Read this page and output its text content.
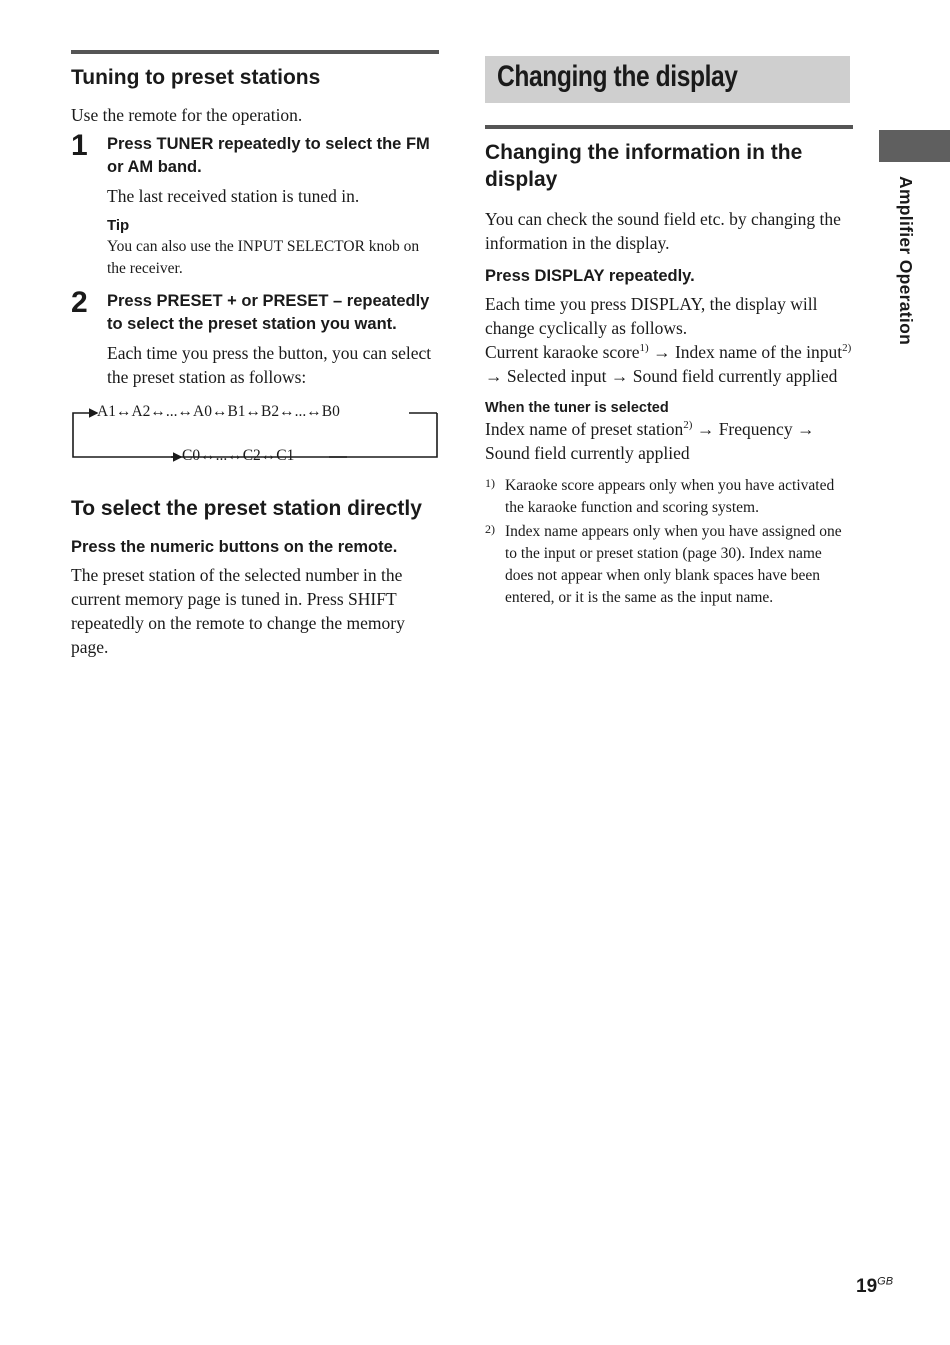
Tuning to preset stations

Use the remote for the operation.

1 Press TUNER repeatedly to select the FM or AM band.

The last received station is tuned in.

Tip

You can also use the INPUT SELECTOR knob on the receiver.

2 Press PRESET + or PRESET – repeatedly to select the preset station you want.

Each time you press the button, you can select the preset station as follows:

A1↔A2↔...↔A0↔B1↔B2↔...↔B0
C0↔...↔C2↔C1
To select the preset station directly

Press the numeric buttons on the remote.

The preset station of the selected number in the current memory page is tuned in. Press SHIFT repeatedly on the remote to change the memory page.

Changing the display
Changing the information in the display

You can check the sound field etc. by changing the information in the display.

Press DISPLAY repeatedly.

Each time you press DISPLAY, the display will change cyclically as follows.
Current karaoke score$^{1)}$ → Index name of the input$^{2)}$ → Selected input → Sound field currently applied

When the tuner is selected

Index name of preset station$^{2)}$ → Frequency → Sound field currently applied

1) Karaoke score appears only when you have activated the karaoke function and scoring system.

2) Index name appears only when you have assigned one to the input or preset station (page 30). Index name does not appear when only blank spaces have been entered, or it is the same as the input name.

Amplifier Operation
$19^{GB}$
